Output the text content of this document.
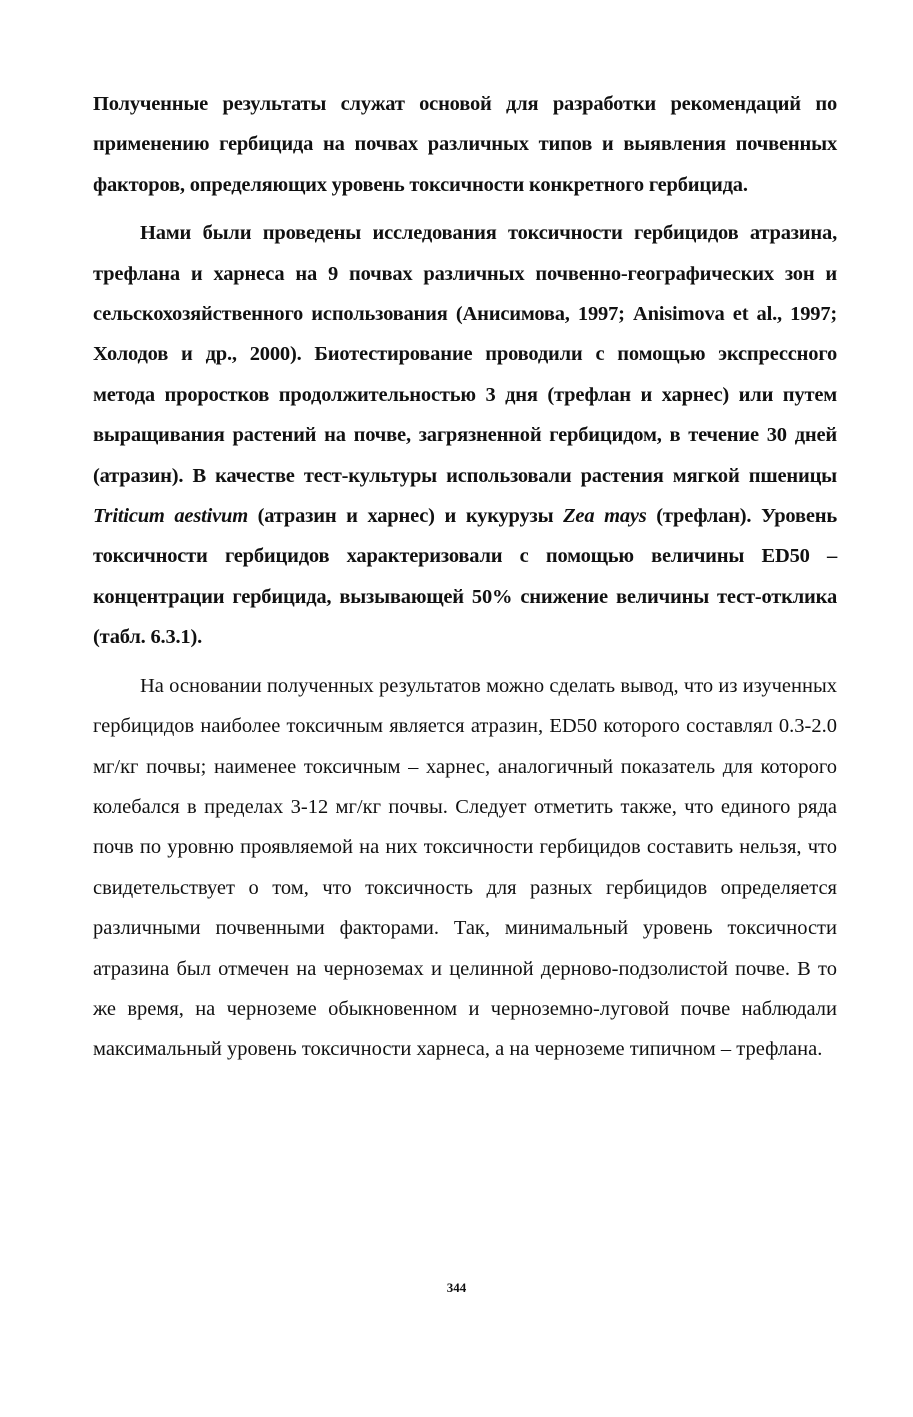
Полученные результаты служат основой для разработки рекомендаций по применению гербицида на почвах различных типов и выявления почвенных факторов, определяющих уровень токсичности конкретного гербицида.

Нами были проведены исследования токсичности гербицидов атразина, трефлана и харнеса на 9 почвах различных почвенно-географических зон и сельскохозяйственного использования (Анисимова, 1997; Anisimova et al., 1997; Холодов и др., 2000). Биотестирование проводили с помощью экспрессного метода проростков продолжительностью 3 дня (трефлан и харнес) или путем выращивания растений на почве, загрязненной гербицидом, в течение 30 дней (атразин). В качестве тест-культуры использовали растения мягкой пшеницы Triticum aestivum (атразин и харнес) и кукурузы Zea mays (трефлан). Уровень токсичности гербицидов характеризовали с помощью величины ED50 – концентрации гербицида, вызывающей 50% снижение величины тест-отклика (табл. 6.3.1).

На основании полученных результатов можно сделать вывод, что из изученных гербицидов наиболее токсичным является атразин, ED50 которого составлял 0.3-2.0 мг/кг почвы; наименее токсичным – харнес, аналогичный показатель для которого колебался в пределах 3-12 мг/кг почвы. Следует отметить также, что единого ряда почв по уровню проявляемой на них токсичности гербицидов составить нельзя, что свидетельствует о том, что токсичность для разных гербицидов определяется различными почвенными факторами. Так, минимальный уровень токсичности атразина был отмечен на черноземах и целинной дерново-подзолистой почве. В то же время, на черноземе обыкновенном и черноземно-луговой почве наблюдали максимальный уровень токсичности харнеса, а на черноземе типичном – трефлана.

344
